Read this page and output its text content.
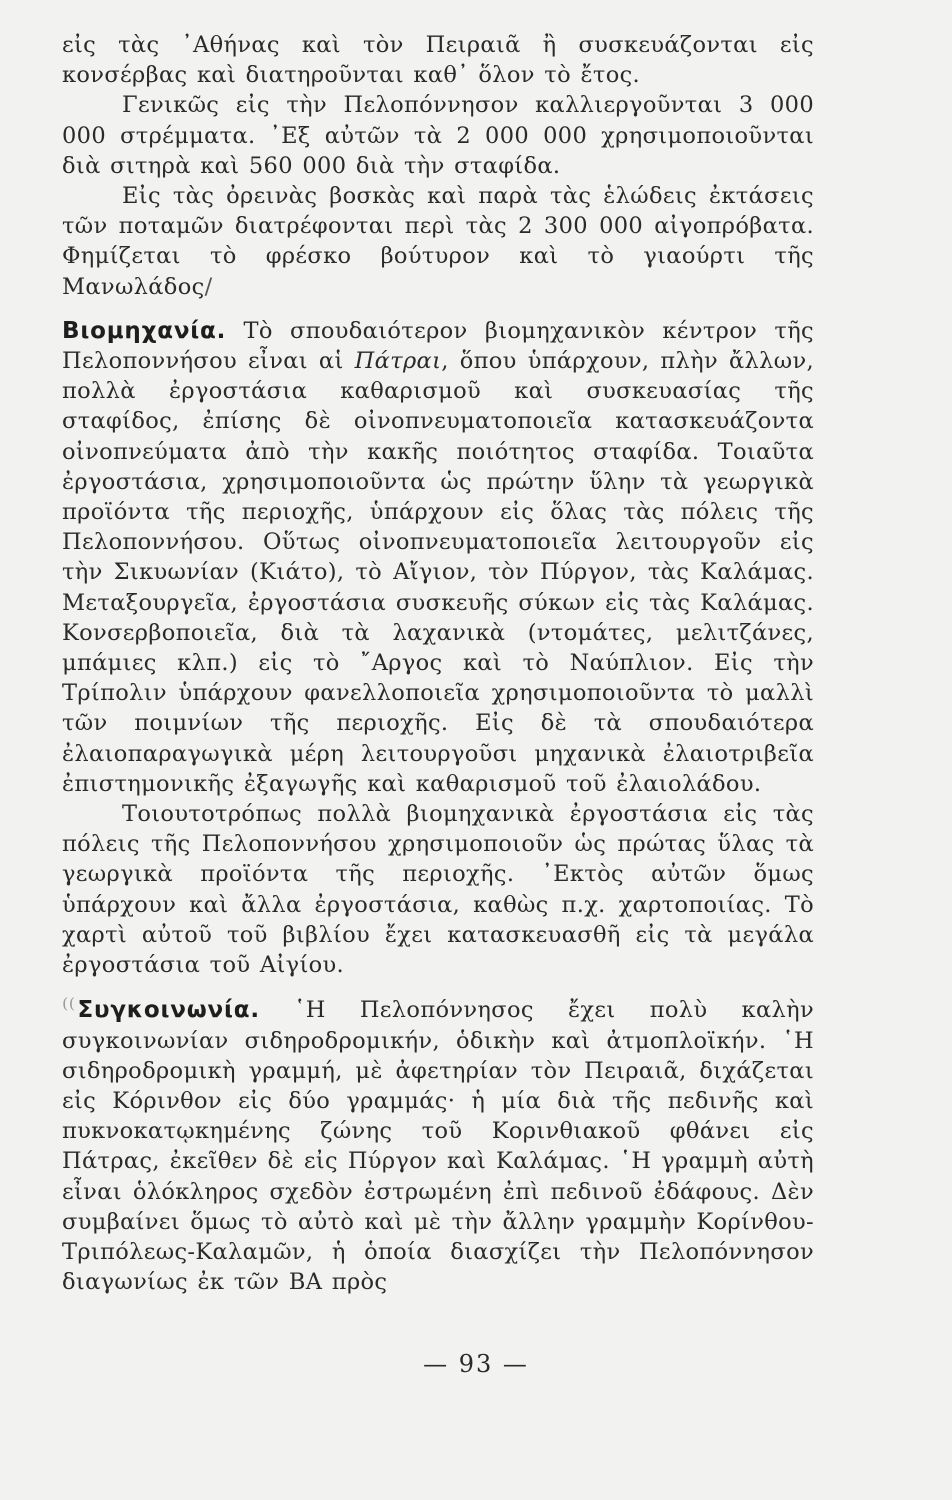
εἰς τὰς ᾿Αθήνας καὶ τὸν Πειραιᾶ ἢ συσκευάζονται εἰς κονσέρβας καὶ διατηροῦνται καθ᾿ ὅλον τὸ ἔτος.

Γενικῶς εἰς τὴν Πελοπόννησον καλλιεργοῦνται 3 000 000 στρέμματα. ᾿Εξ αὐτῶν τὰ 2 000 000 χρησιμοποιοῦνται διὰ σιτηρὰ καὶ 560 000 διὰ τὴν σταφίδα.

Εἰς τὰς ὀρεινὰς βοσκὰς καὶ παρὰ τὰς ἑλώδεις ἐκτάσεις τῶν ποταμῶν διατρέφονται περὶ τὰς 2 300 000 αἰγοπρόβατα. Φημίζεται τὸ φρέσκο βούτυρον καὶ τὸ γιαούρτι τῆς Μανωλάδος/

Βιομηχανία. Τὸ σπουδαιότερον βιομηχανικὸν κέντρον τῆς Πελοποννήσου εἶναι αἱ Πάτραι, ὅπου ὑπάρχουν, πλὴν ἄλλων, πολλὰ ἐργοστάσια καθαρισμοῦ καὶ συσκευασίας τῆς σταφίδος, ἐπίσης δὲ οἰνοπνευματοποιεῖα κατασκευάζοντα οἰνοπνεύματα ἀπὸ τὴν κακῆς ποιότητος σταφίδα. Τοιαῦτα ἐργοστάσια, χρησιμοποιοῦντα ὡς πρώτην ὕλην τὰ γεωργικὰ προϊόντα τῆς περιοχῆς, ὑπάρχουν εἰς ὅλας τὰς πόλεις τῆς Πελοποννήσου. Οὕτως οἰνοπνευματοποιεῖα λειτουργοῦν εἰς τὴν Σικυωνίαν (Κιάτο), τὸ Αἴγιον, τὸν Πύργον, τὰς Καλάμας. Μεταξουργεῖα, ἐργοστάσια συσκευῆς σύκων εἰς τὰς Καλάμας. Κονσερβοποιεῖα, διὰ τὰ λαχανικὰ (ντομάτες, μελιτζάνες, μπάμιες κλπ.) εἰς τὸ ῎Αργος καὶ τὸ Ναύπλιον. Εἰς τὴν Τρίπολιν ὑπάρχουν φανελλοποιεῖα χρησιμοποιοῦντα τὸ μαλλὶ τῶν ποιμνίων τῆς περιοχῆς. Εἰς δὲ τὰ σπουδαιότερα ἐλαιοπαραγωγικὰ μέρη λειτουργοῦσι μηχανικὰ ἐλαιοτριβεῖα ἐπιστημονικῆς ἐξαγωγῆς καὶ καθαρισμοῦ τοῦ ἐλαιολάδου.

Τοιουτοτρόπως πολλὰ βιομηχανικὰ ἐργοστάσια εἰς τὰς πόλεις τῆς Πελοποννήσου χρησιμοποιοῦν ὡς πρώτας ὕλας τὰ γεωργικὰ προϊόντα τῆς περιοχῆς. ᾿Εκτὸς αὐτῶν ὅμως ὑπάρχουν καὶ ἄλλα ἐργοστάσια, καθὼς π.χ. χαρτοποιίας. Τὸ χαρτὶ αὐτοῦ τοῦ βιβλίου ἔχει κατασκευασθῆ εἰς τὰ μεγάλα ἐργοστάσια τοῦ Αἰγίου.

⁽⁽Συγκοινωνία. ῾Η Πελοπόννησος ἔχει πολὺ καλὴν συγκοινωνίαν σιδηροδρομικήν, ὁδικὴν καὶ ἀτμοπλοϊκήν. ῾Η σιδηροδρομικὴ γραμμή, μὲ ἀφετηρίαν τὸν Πειραιᾶ, διχάζεται εἰς Κόρινθον εἰς δύο γραμμάς· ἡ μία διὰ τῆς πεδινῆς καὶ πυκνοκατῳκημένης ζώνης τοῦ Κορινθιακοῦ φθάνει εἰς Πάτρας, ἐκεῖθεν δὲ εἰς Πύργον καὶ Καλάμας. ῾Η γραμμὴ αὐτὴ εἶναι ὁλόκληρος σχεδὸν ἐστρωμένη ἐπὶ πεδινοῦ ἐδάφους. Δὲν συμβαίνει ὅμως τὸ αὐτὸ καὶ μὲ τὴν ἄλλην γραμμὴν Κορίνθου-Τριπόλεως-Καλαμῶν, ἡ ὁποία διασχίζει τὴν Πελοπόννησον διαγωνίως ἐκ τῶν ΒΑ πρὸς

— 93 —
